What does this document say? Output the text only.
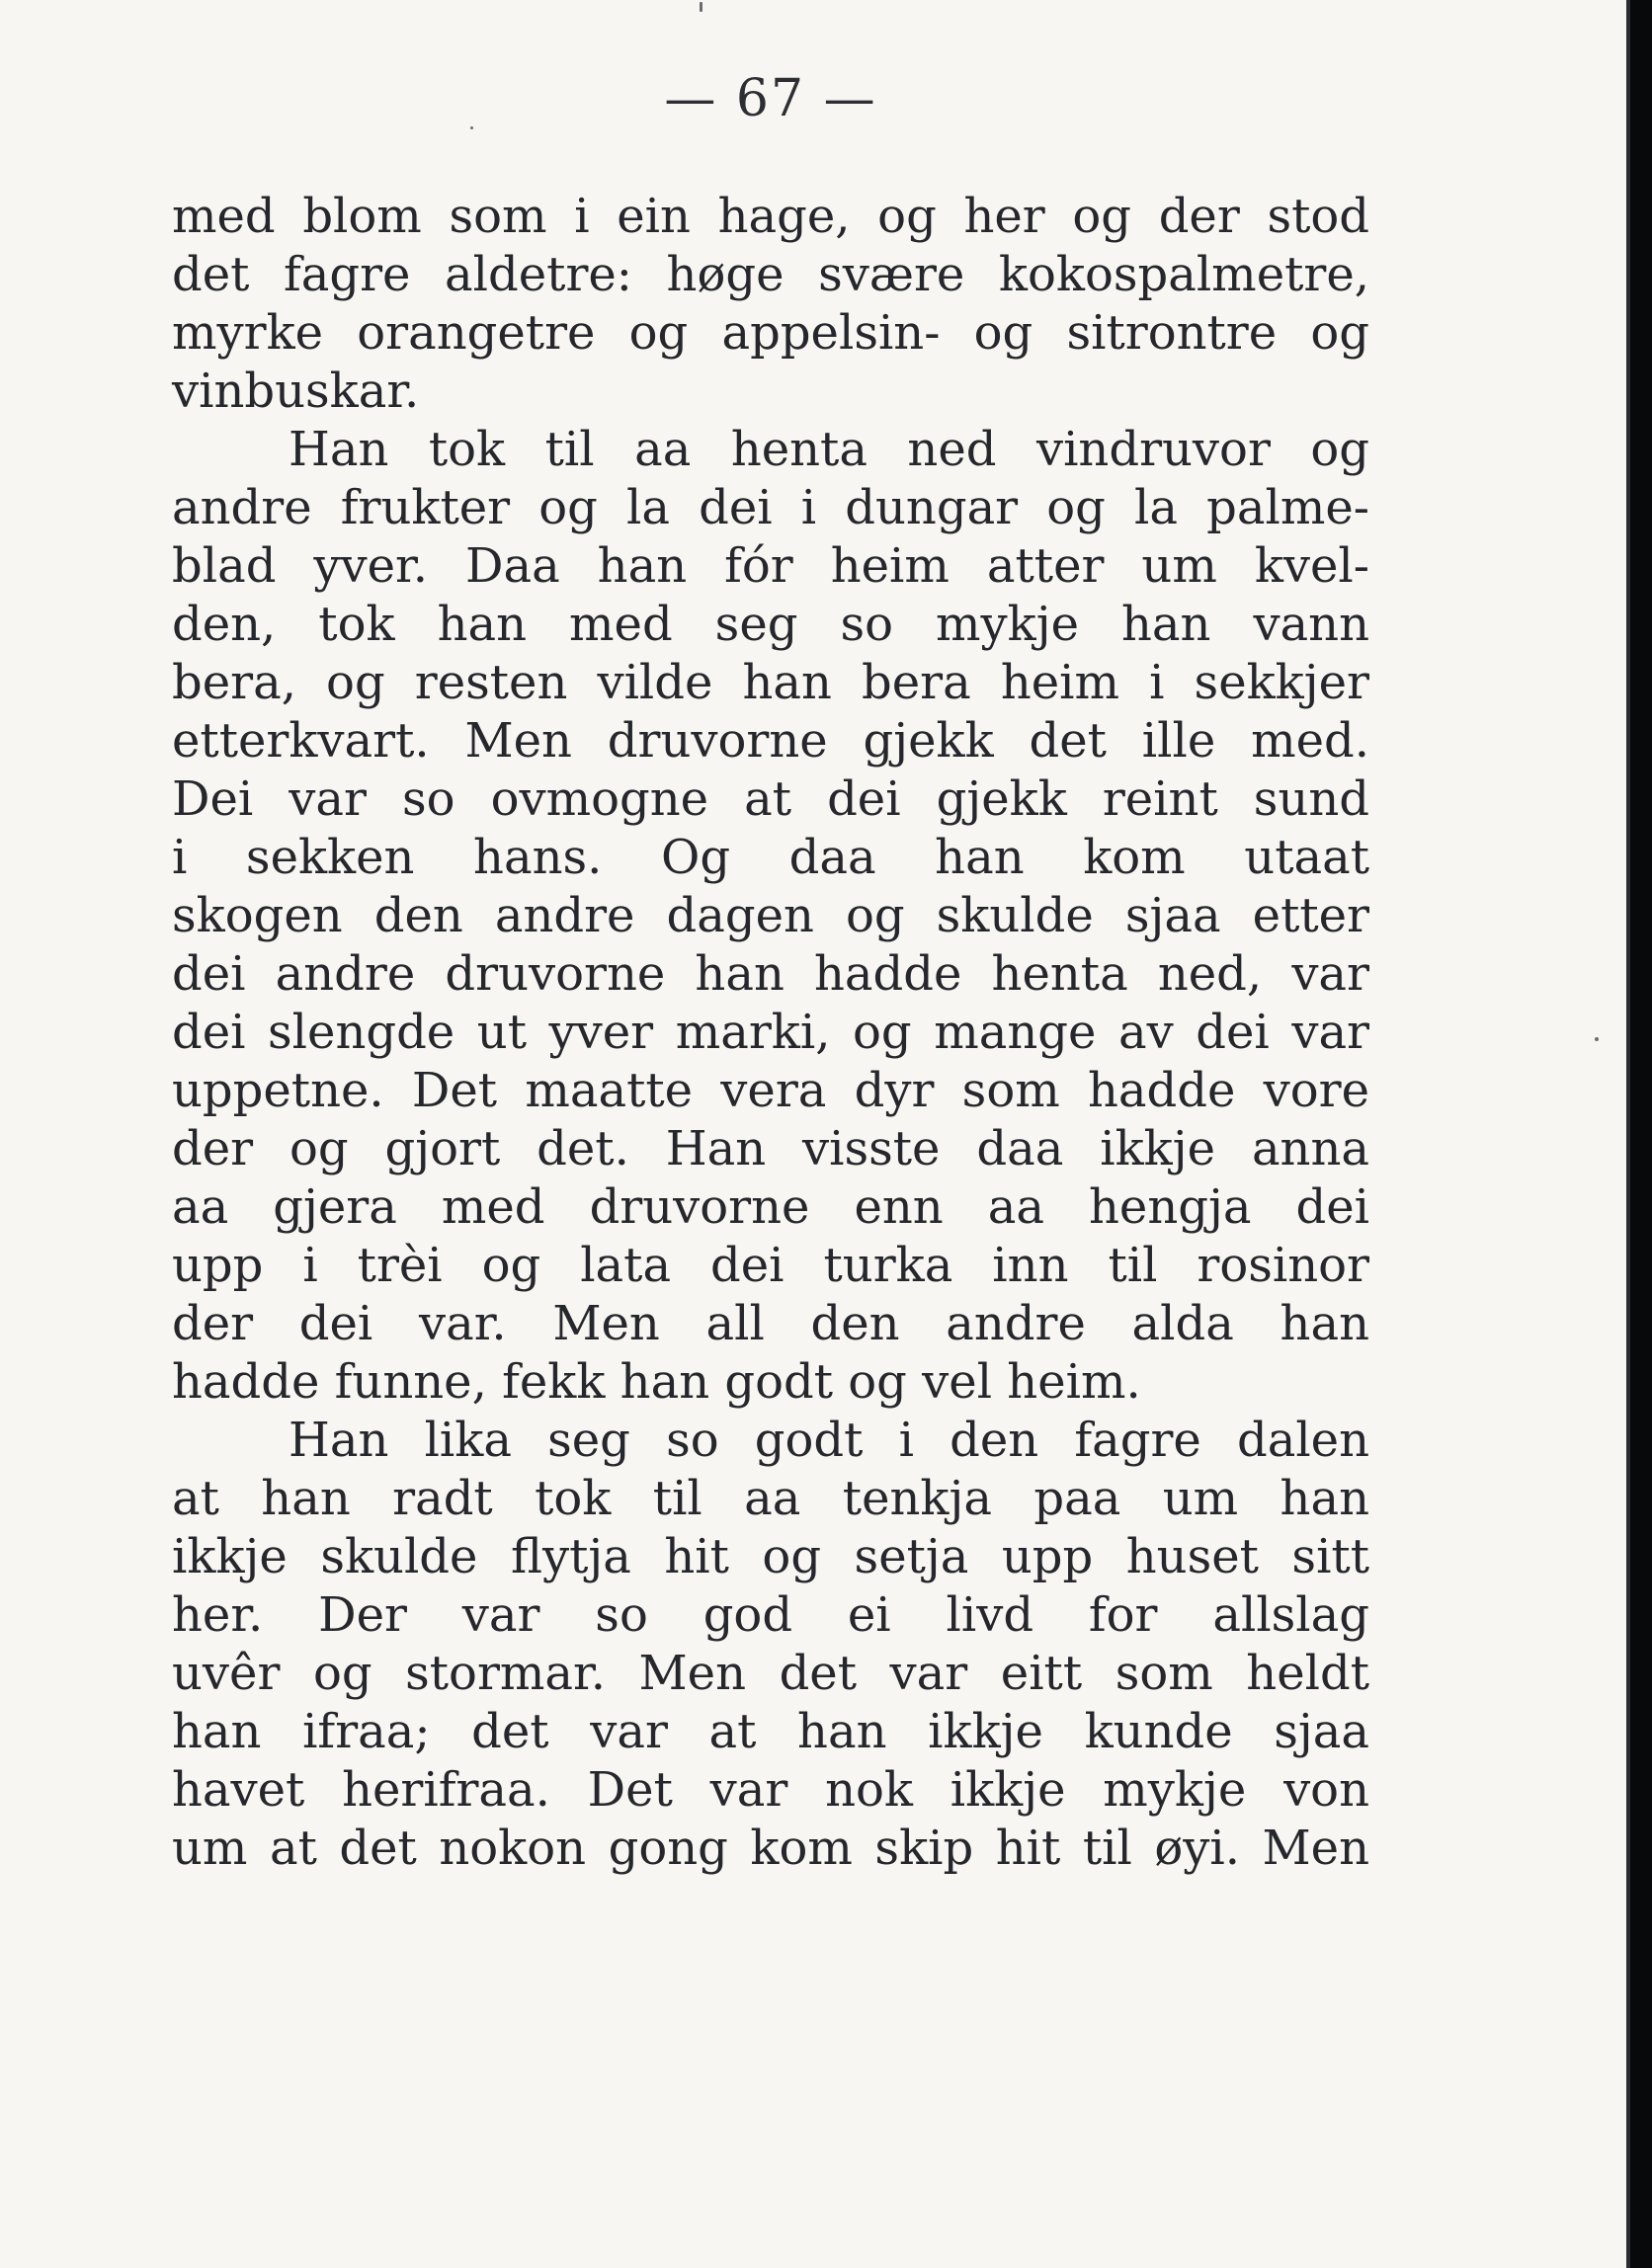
— 67 —
med blom som i ein hage, og her og der stod
det fagre aldetre: høge svære kokospalmetre,
myrke orangetre og appelsin- og sitrontre og
vinbuskar.
Han tok til aa henta ned vindruvor og
andre frukter og la dei i dungar og la palme-
blad yver. Daa han fór heim atter um kvel-
den, tok han med seg so mykje han vann
bera, og resten vilde han bera heim i sekkjer
etterkvart. Men druvorne gjekk det ille med.
Dei var so ovmogne at dei gjekk reint sund
i sekken hans. Og daa han kom utaat
skogen den andre dagen og skulde sjaa etter
dei andre druvorne han hadde henta ned, var
dei slengde ut yver marki, og mange av dei var
uppetne. Det maatte vera dyr som hadde vore
der og gjort det. Han visste daa ikkje anna
aa gjera med druvorne enn aa hengja dei
upp i trèi og lata dei turka inn til rosinor
der dei var. Men all den andre alda han
hadde funne, fekk han godt og vel heim.
Han lika seg so godt i den fagre dalen
at han radt tok til aa tenkja paa um han
ikkje skulde flytja hit og setja upp huset sitt
her. Der var so god ei livd for allslag
uvêr og stormar. Men det var eitt som heldt
han ifraa; det var at han ikkje kunde sjaa
havet herifraa. Det var nok ikkje mykje von
um at det nokon gong kom skip hit til øyi. Men
